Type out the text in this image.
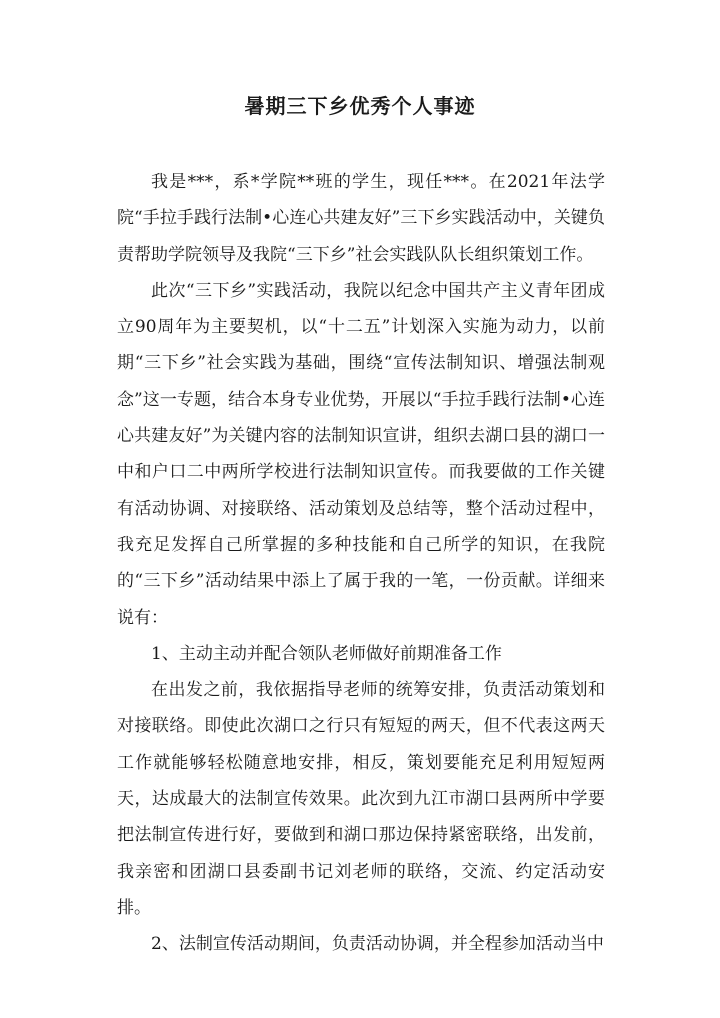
暑期三下乡优秀个人事迹

我是***，系*学院**班的学生，现任***。在2021年法学院“手拉手践行法制•心连心共建友好”三下乡实践活动中，关键负责帮助学院领导及我院“三下乡”社会实践队队长组织策划工作。

此次“三下乡”实践活动，我院以纪念中国共产主义青年团成立90周年为主要契机，以“十二五”计划深入实施为动力，以前期“三下乡”社会实践为基础，围绕“宣传法制知识、增强法制观念”这一专题，结合本身专业优势，开展以“手拉手践行法制•心连心共建友好”为关键内容的法制知识宣讲，组织去湖口县的湖口一中和户口二中两所学校进行法制知识宣传。而我要做的工作关键有活动协调、对接联络、活动策划及总结等，整个活动过程中，我充足发挥自己所掌握的多种技能和自己所学的知识，在我院的“三下乡”活动结果中添上了属于我的一笔，一份贡献。详细来说有：

1、主动主动并配合领队老师做好前期准备工作

在出发之前，我依据指导老师的统筹安排，负责活动策划和对接联络。即使此次湖口之行只有短短的两天，但不代表这两天工作就能够轻松随意地安排，相反，策划要能充足利用短短两天，达成最大的法制宣传效果。此次到九江市湖口县两所中学要把法制宣传进行好，要做到和湖口那边保持紧密联络，出发前，我亲密和团湖口县委副书记刘老师的联络，交流、约定活动安排。

2、法制宣传活动期间，负责活动协调，并全程参加活动当中
